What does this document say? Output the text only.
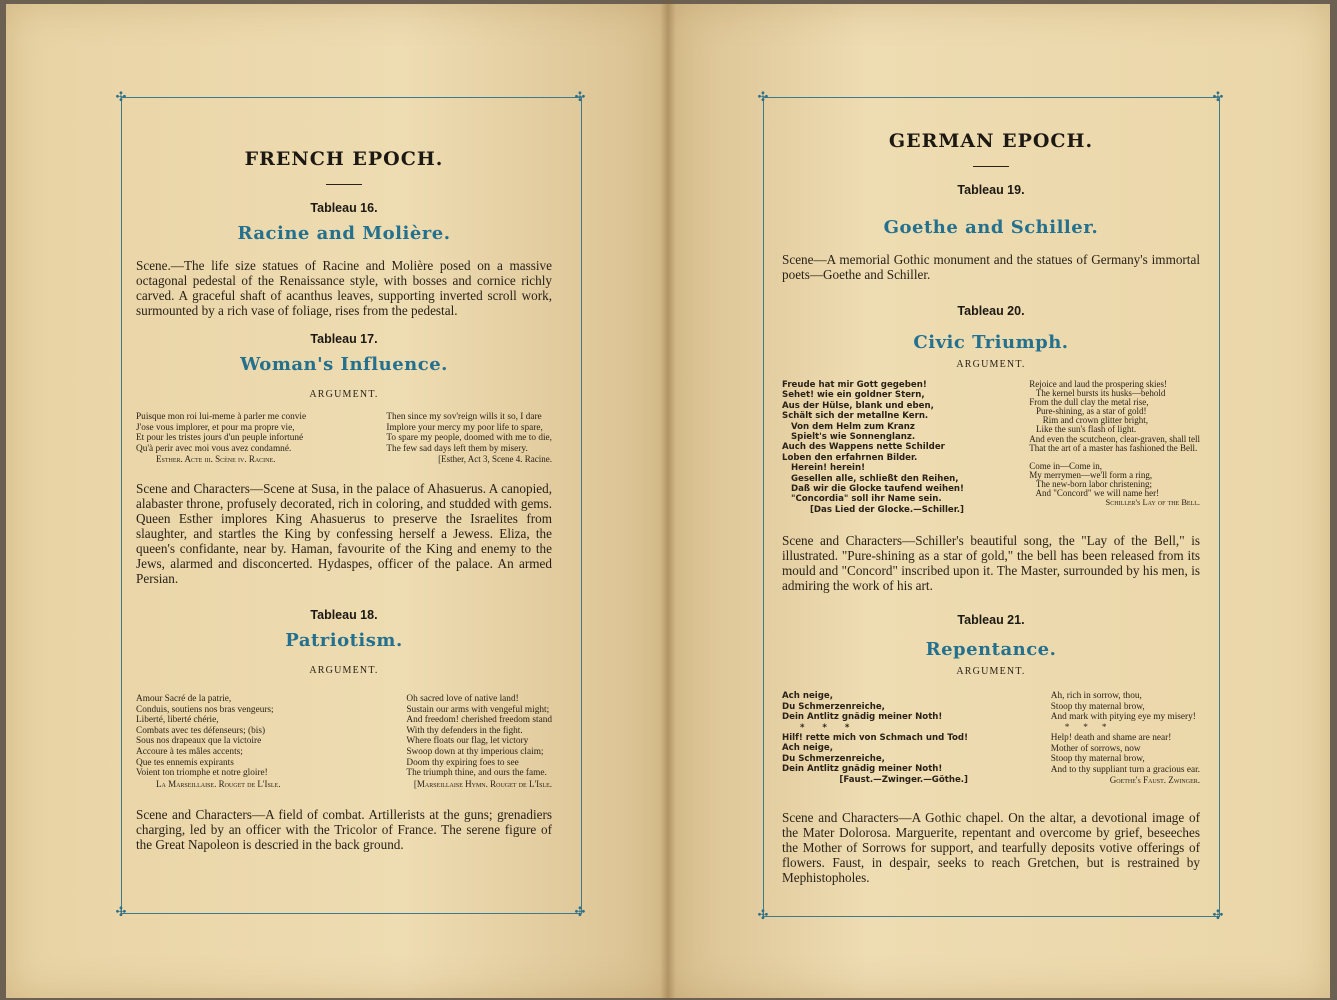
✣	✣
✣	✣
✣	✣
✣	✣
FRENCH EPOCH.

Tableau 16.

Racine and Molière.

Scene.—The life size statues of Racine and Molière posed on a massive octagonal pedestal of the Renaissance style, with bosses and cornice richly carved. A graceful shaft of acanthus leaves, supporting inverted scroll work, surmounted by a rich vase of foliage, rises from the pedestal.

Tableau 17.

Woman's Influence.

ARGUMENT.

Puisque mon roi lui-meme à parler me convie
J'ose vous implorer, et pour ma propre vie,
Et pour les tristes jours d'un peuple infortuné
Qu'à perir avec moi vous avez condamné.
Esther. Acte iii. Scène iv. Racine.
Then since my sov'reign wills it so, I dare
Implore your mercy my poor life to spare,
To spare my people, doomed with me to die,
The few sad days left them by misery.
[Esther, Act 3, Scene 4. Racine.

Scene and Characters—Scene at Susa, in the palace of Ahasuerus. A canopied, alabaster throne, profusely decorated, rich in coloring, and studded with gems. Queen Esther implores King Ahasuerus to preserve the Israelites from slaughter, and startles the King by confessing herself a Jewess. Eliza, the queen's confidante, near by. Haman, favourite of the King and enemy to the Jews, alarmed and disconcerted. Hydaspes, officer of the palace. An armed Persian.

Tableau 18.

Patriotism.

ARGUMENT.

Amour Sacré de la patrie,
Conduis, soutiens nos bras vengeurs;
Liberté, liberté chérie,
Combats avec tes défenseurs; (bis)
Sous nos drapeaux que la victoire
Accoure à tes mâles accents;
Que tes ennemis expirants
Voient ton triomphe et notre gloire!
La Marseillaise. Rouget de L'Isle.
Oh sacred love of native land!
Sustain our arms with vengeful might;
And freedom! cherished freedom stand
With thy defenders in the fight.
Where floats our flag, let victory
Swoop down at thy imperious claim;
Doom thy expiring foes to see
The triumph thine, and ours the fame.
[Marseillaise Hymn. Rouget de L'Isle.

Scene and Characters—A field of combat. Artillerists at the guns; grenadiers charging, led by an officer with the Tricolor of France. The serene figure of the Great Napoleon is descried in the back ground.

GERMAN EPOCH.

Tableau 19.

Goethe and Schiller.

Scene—A memorial Gothic monument and the statues of Germany's immortal poets—Goethe and Schiller.

Tableau 20.

Civic Triumph.

ARGUMENT.

Freude hat mir Gott gegeben!
Sehet! wie ein goldner Stern,
Aus der Hülse, blank und eben,
Schält sich der metallne Kern.
Von dem Helm zum Kranz
Spielt's wie Sonnenglanz.
Auch des Wappens nette Schilder
Loben den erfahrnen Bilder.
Herein! herein!
Gesellen alle, schließt den Reihen,
Daß wir die Glocke taufend weihen!
"Concordia" soll ihr Name sein.
[Das Lied der Glocke.—Schiller.]
Rejoice and laud the prospering skies!
The kernel bursts its husks—behold
From the dull clay the metal rise,
Pure-shining, as a star of gold!
Rim and crown glitter bright,
Like the sun's flash of light.
And even the scutcheon, clear-graven, shall tell
That the art of a master has fashioned the Bell.

Come in—Come in,
My merrymen—we'll form a ring,
The new-born labor christening;
And "Concord" we will name her!
Schiller's Lay of the Bell.

Scene and Characters—Schiller's beautiful song, the "Lay of the Bell," is illustrated. "Pure-shining as a star of gold," the bell has been released from its mould and "Concord" inscribed upon it. The Master, surrounded by his men, is admiring the work of his art.

Tableau 21.

Repentance.

ARGUMENT.

Ach neige,
Du Schmerzenreiche,
Dein Antlitz gnädig meiner Noth!
*      *      *
Hilf! rette mich von Schmach und Tod!
Ach neige,
Du Schmerzenreiche,
Dein Antlitz gnädig meiner Noth!
[Faust.—Zwinger.—Göthe.]
Ah, rich in sorrow, thou,
Stoop thy maternal brow,
And mark with pitying eye my misery!
*      *      *
Help! death and shame are near!
Mother of sorrows, now
Stoop thy maternal brow,
And to thy suppliant turn a gracious ear.
Goethe's Faust. Zwinger.

Scene and Characters—A Gothic chapel. On the altar, a devotional image of the Mater Dolorosa. Marguerite, repentant and overcome by grief, beseeches the Mother of Sorrows for support, and tearfully deposits votive offerings of flowers. Faust, in despair, seeks to reach Gretchen, but is restrained by Mephistopholes.
